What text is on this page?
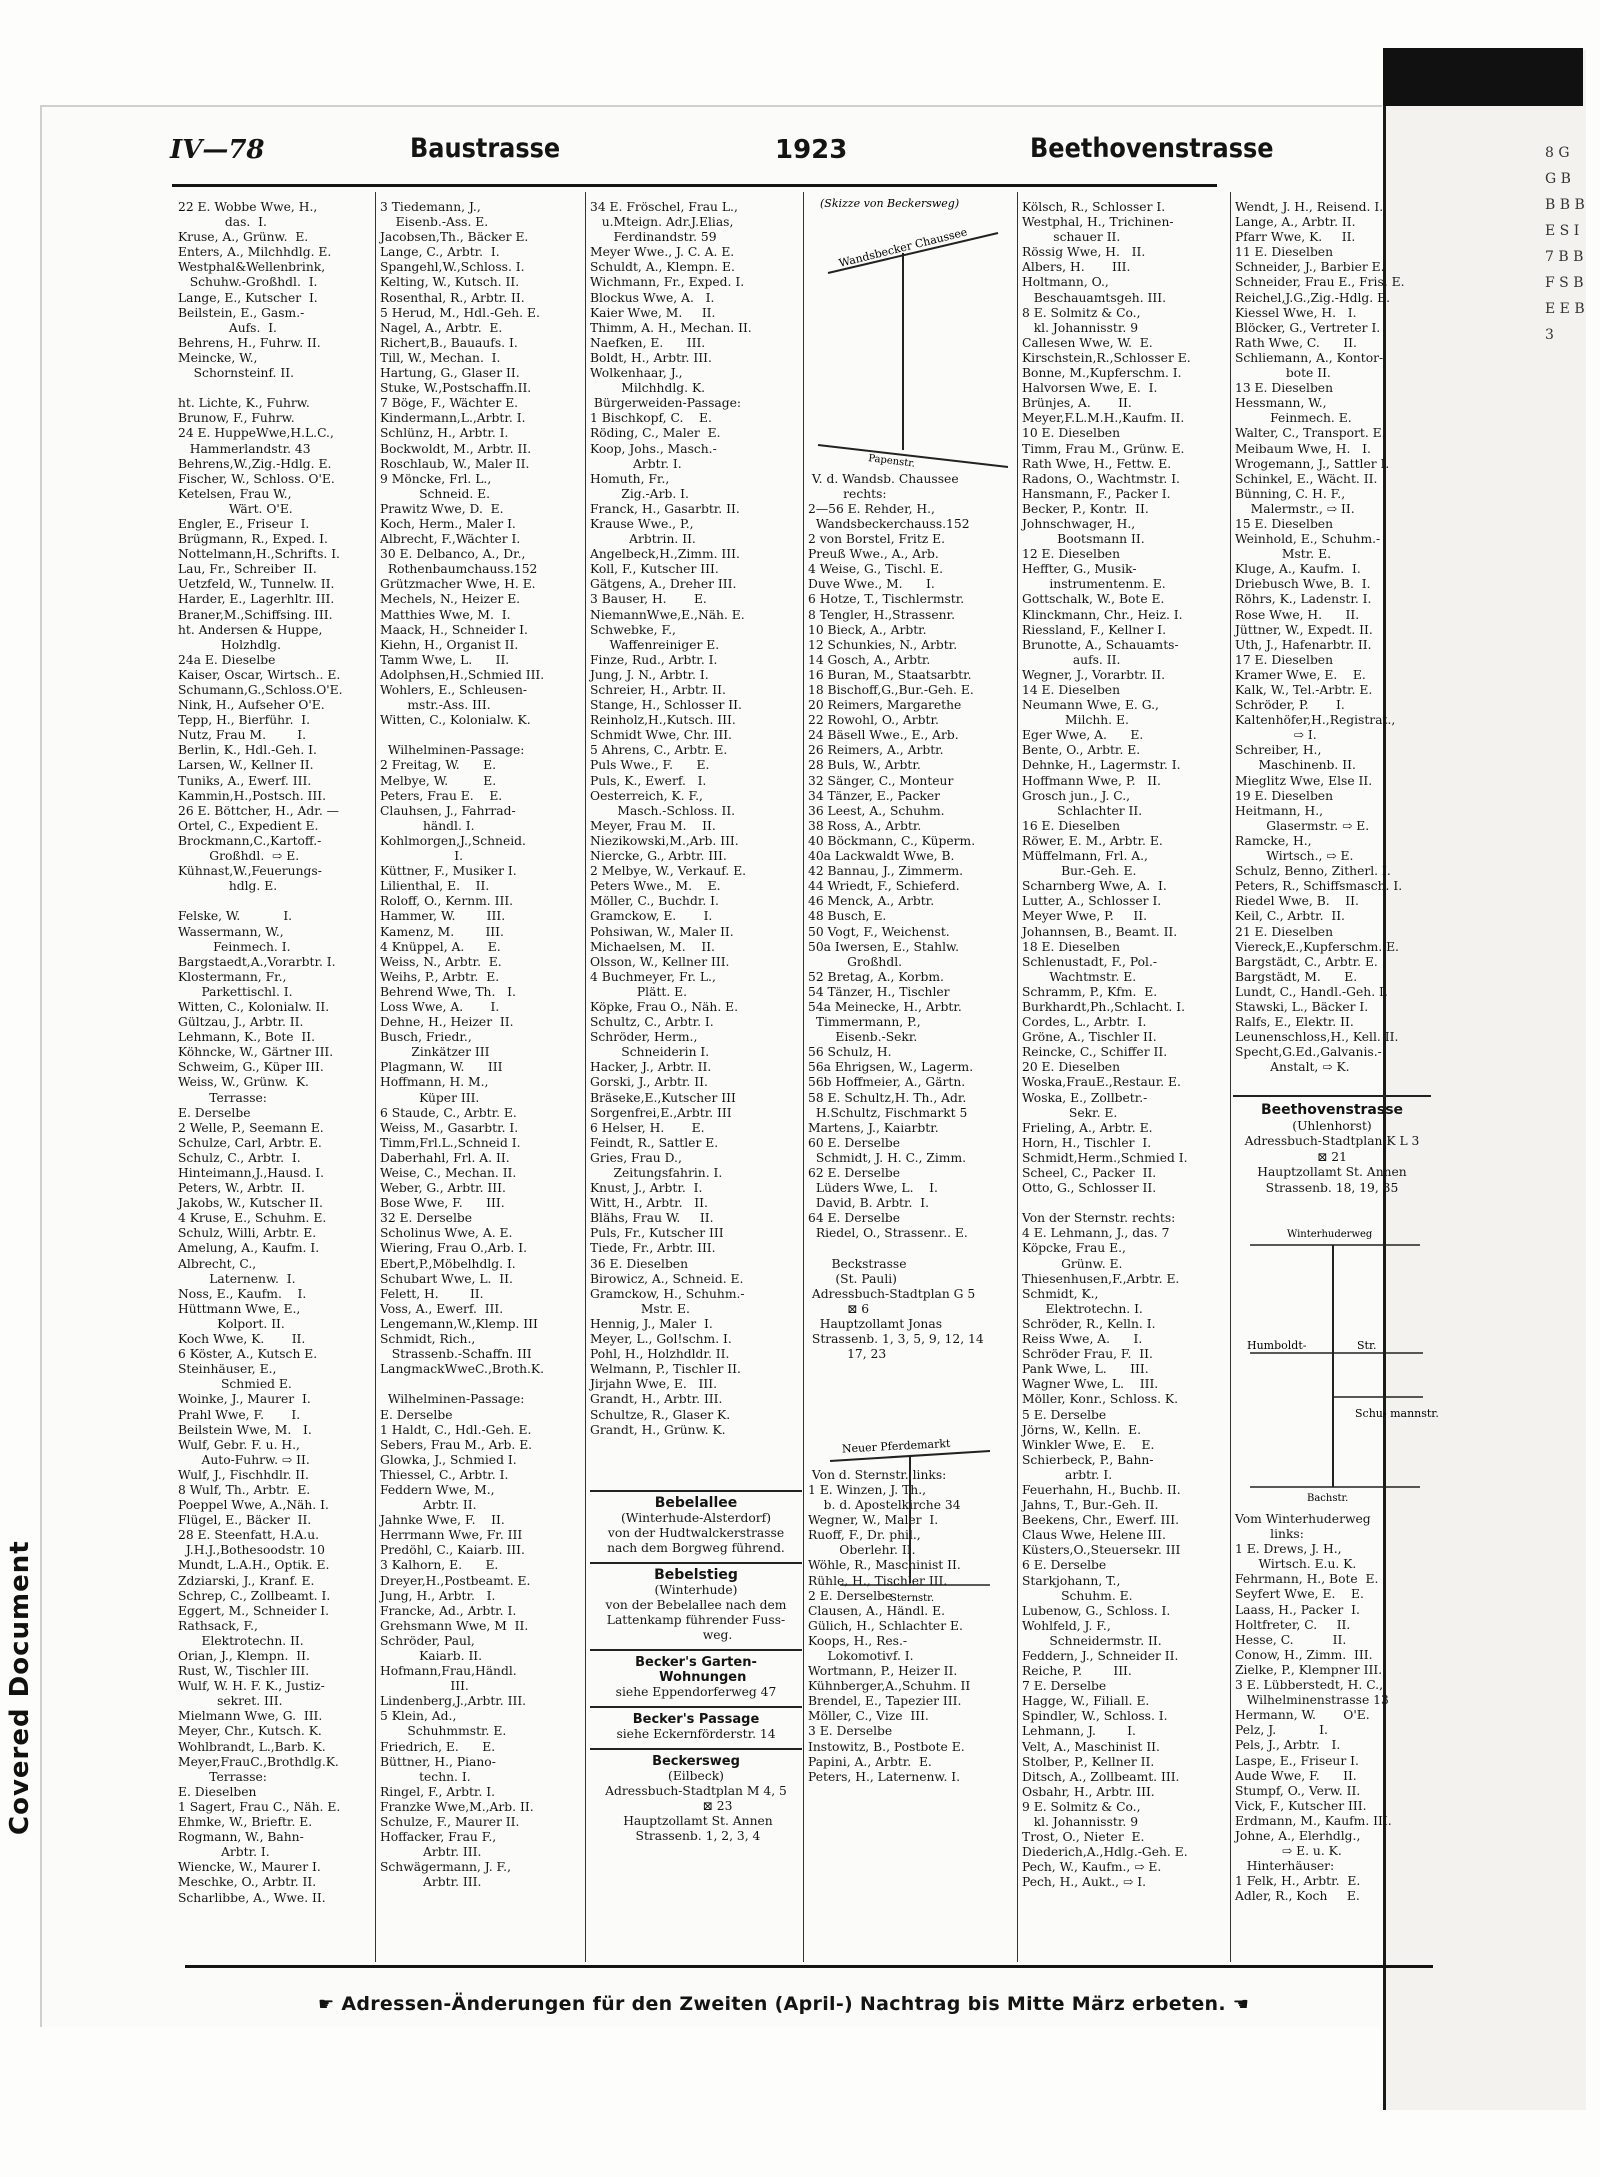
8 G G B B B B E S I 7 B B F S B E E B 3
Covered Document
IV—78	Baustrasse	1923	Beethovenstrasse
22 E. Wobbe Wwe, H.,
das.  I.
Kruse, A., Grünw.  E.
Enters, A., Milchhdlg. E.
Westphal&Wellenbrink,
Schuhw.-Großhdl.  I.
Lange, E., Kutscher  I.
Beilstein, E., Gasm.-
Aufs.  I.
Behrens, H., Fuhrw. II.
Meincke, W.,
Schornsteinf. II.

ht. Lichte, K., Fuhrw.
Brunow, F., Fuhrw.
24 E. HuppeWwe,H.L.C.,
Hammerlandstr. 43
Behrens,W.,Zig.-Hdlg. E.
Fischer, W., Schloss. O'E.
Ketelsen, Frau W.,
Wärt. O'E.
Engler, E., Friseur  I.
Brügmann, R., Exped. I.
Nottelmann,H.,Schrifts. I.
Lau, Fr., Schreiber  II.
Uetzfeld, W., Tunnelw. II.
Harder, E., Lagerhltr. III.
Braner,M.,Schiffsing. III.
ht. Andersen & Huppe,
Holzhdlg.
24a E. Dieselbe
Kaiser, Oscar, Wirtsch.. E.
Schumann,G.,Schloss.O'E.
Nink, H., Aufseher O'E.
Tepp, H., Bierführ.  I.
Nutz, Frau M.        I.
Berlin, K., Hdl.-Geh. I.
Larsen, W., Kellner II.
Tuniks, A., Ewerf. III.
Kammin,H.,Postsch. III.
26 E. Böttcher, H., Adr. —
Ortel, C., Expedient E.
Brockmann,C.,Kartoff.-
Großhdl.  ⇨ E.
Kühnast,W.,Feuerungs-
hdlg. E.

Felske, W.           I.
Wassermann, W.,
Feinmech. I.
Bargstaedt,A.,Vorarbtr. I.
Klostermann, Fr.,
Parkettischl. I.
Witten, C., Kolonialw. II.
Gültzau, J., Arbtr. II.
Lehmann, K., Bote  II.
Köhncke, W., Gärtner III.
Schweim, G., Küper III.
Weiss, W., Grünw.  K.
Terrasse:
E. Derselbe
2 Welle, P., Seemann E.
Schulze, Carl, Arbtr. E.
Schulz, C., Arbtr.  I.
Hinteimann,J.,Hausd. I.
Peters, W., Arbtr.  II.
Jakobs, W., Kutscher II.
4 Kruse, E., Schuhm. E.
Schulz, Willi, Arbtr. E.
Amelung, A., Kaufm. I.
Albrecht, C.,
Laternenw.  I.
Noss, E., Kaufm.    I.
Hüttmann Wwe, E.,
Kolport. II.
Koch Wwe, K.       II.
6 Köster, A., Kutsch E.
Steinhäuser, E.,
Schmied E.
Woinke, J., Maurer  I.
Prahl Wwe, F.       I.
Beilstein Wwe, M.   I.
Wulf, Gebr. F. u. H.,
Auto-Fuhrw. ⇨ II.
Wulf, J., Fischhdlr. II.
8 Wulf, Th., Arbtr.  E.
Poeppel Wwe, A.,Näh. I.
Flügel, E., Bäcker  II.
28 E. Steenfatt, H.A.u.
J.H.J.,Bothesoodstr. 10
Mundt, L.A.H., Optik. E.
Zdziarski, J., Kranf. E.
Schrep, C., Zollbeamt. I.
Eggert, M., Schneider I.
Rathsack, F.,
Elektrotechn. II.
Orian, J., Klempn.  II.
Rust, W., Tischler III.
Wulf, W. H. F. K., Justiz-
sekret. III.
Mielmann Wwe, G.  III.
Meyer, Chr., Kutsch. K.
Wohlbrandt, L.,Barb. K.
Meyer,FrauC.,Brothdlg.K.
Terrasse:
E. Dieselben
1 Sagert, Frau C., Näh. E.
Ehmke, W., Brieftr. E.
Rogmann, W., Bahn-
Arbtr. I.
Wiencke, W., Maurer I.
Meschke, O., Arbtr. II.
Scharlibbe, A., Wwe. II.
3 Tiedemann, J.,
Eisenb.-Ass. E.
Jacobsen,Th., Bäcker E.
Lange, C., Arbtr.  I.
Spangehl,W.,Schloss. I.
Kelting, W., Kutsch. II.
Rosenthal, R., Arbtr. II.
5 Herud, M., Hdl.-Geh. E.
Nagel, A., Arbtr.  E.
Richert,B., Bauaufs. I.
Till, W., Mechan.  I.
Hartung, G., Glaser II.
Stuke, W.,Postschaffn.II.
7 Böge, F., Wächter E.
Kindermann,L.,Arbtr. I.
Schlünz, H., Arbtr. I.
Bockwoldt, M., Arbtr. II.
Roschlaub, W., Maler II.
9 Möncke, Frl. L.,
Schneid. E.
Prawitz Wwe, D.  E.
Koch, Herm., Maler I.
Albrecht, F.,Wächter I.
30 E. Delbanco, A., Dr.,
Rothenbaumchauss.152
Grützmacher Wwe, H. E.
Mechels, N., Heizer E.
Matthies Wwe, M.  I.
Maack, H., Schneider I.
Kiehn, H., Organist II.
Tamm Wwe, L.      II.
Adolphsen,H.,Schmied III.
Wohlers, E., Schleusen-
mstr.-Ass. III.
Witten, C., Kolonialw. K.

Wilhelminen-Passage:
2 Freitag, W.      E.
Melbye, W.         E.
Peters, Frau E.    E.
Clauhsen, J., Fahrrad-
händl. I.
Kohlmorgen,J.,Schneid.
I.
Küttner, F., Musiker I.
Lilienthal, E.    II.
Roloff, O., Kernm. III.
Hammer, W.        III.
Kamenz, M.        III.
4 Knüppel, A.      E.
Weiss, N., Arbtr.  E.
Weihs, P., Arbtr.  E.
Behrend Wwe, Th.   I.
Loss Wwe, A.       I.
Dehne, H., Heizer  II.
Busch, Friedr.,
Zinkätzer III
Plagmann, W.      III
Hoffmann, H. M.,
Küper III.
6 Staude, C., Arbtr. E.
Weiss, M., Gasarbtr. I.
Timm,Frl.L.,Schneid I.
Daberhahl, Frl. A. II.
Weise, C., Mechan. II.
Weber, G., Arbtr. III.
Bose Wwe, F.      III.
32 E. Derselbe
Scholinus Wwe, A. E.
Wiering, Frau O.,Arb. I.
Ebert,P.,Möbelhdlg. I.
Schubart Wwe, L.  II.
Felett, H.        II.
Voss, A., Ewerf.  III.
Lengemann,W.,Klemp. III
Schmidt, Rich.,
Strassenb.-Schaffn. III
LangmackWweC.,Broth.K.

Wilhelminen-Passage:
E. Derselbe
1 Haldt, C., Hdl.-Geh. E.
Sebers, Frau M., Arb. E.
Glowka, J., Schmied I.
Thiessel, C., Arbtr. I.
Feddern Wwe, M.,
Arbtr. II.
Jahnke Wwe, F.    II.
Herrmann Wwe, Fr. III
Predöhl, C., Kaiarb. III.
3 Kalhorn, E.      E.
Dreyer,H.,Postbeamt. E.
Jung, H., Arbtr.   I.
Francke, Ad., Arbtr. I.
Grehsmann Wwe, M  II.
Schröder, Paul,
Kaiarb. II.
Hofmann,Frau,Händl.
III.
Lindenberg,J.,Arbtr. III.
5 Klein, Ad.,
Schuhmmstr. E.
Friedrich, E.      E.
Büttner, H., Piano-
techn. I.
Ringel, F., Arbtr. I.
Franzke Wwe,M.,Arb. II.
Schulze, F., Maurer II.
Hoffacker, Frau F.,
Arbtr. III.
Schwägermann, J. F.,
Arbtr. III.
34 E. Fröschel, Frau L.,
u.Mteign. Adr.J.Elias,
Ferdinandstr. 59
Meyer Wwe., J. C. A. E.
Schuldt, A., Klempn. E.
Wichmann, Fr., Exped. I.
Blockus Wwe, A.   I.
Kaier Wwe, M.     II.
Thimm, A. H., Mechan. II.
Naefken, E.      III.
Boldt, H., Arbtr. III.
Wolkenhaar, J.,
Milchhdlg. K.
Bürgerweiden-Passage:
1 Bischkopf, C.    E.
Röding, C., Maler  E.
Koop, Johs., Masch.-
Arbtr. I.
Homuth, Fr.,
Zig.-Arb. I.
Franck, H., Gasarbtr. II.
Krause Wwe., P.,
Arbtrin. II.
Angelbeck,H.,Zimm. III.
Koll, F., Kutscher III.
Gätgens, A., Dreher III.
3 Bauser, H.       E.
NiemannWwe,E.,Näh. E.
Schwebke, F.,
Waffenreiniger E.
Finze, Rud., Arbtr. I.
Jung, J. N., Arbtr. I.
Schreier, H., Arbtr. II.
Stange, H., Schlosser II.
Reinholz,H.,Kutsch. III.
Schmidt Wwe, Chr. III.
5 Ahrens, C., Arbtr. E.
Puls Wwe., F.      E.
Puls, K., Ewerf.   I.
Oesterreich, K. F.,
Masch.-Schloss. II.
Meyer, Frau M.    II.
Niezikowski,M.,Arb. III.
Niercke, G., Arbtr. III.
2 Melbye, W., Verkauf. E.
Peters Wwe., M.    E.
Möller, C., Buchdr. I.
Gramckow, E.       I.
Pohsiwan, W., Maler II.
Michaelsen, M.    II.
Olsson, W., Kellner III.
4 Buchmeyer, Fr. L.,
Plätt. E.
Köpke, Frau O., Näh. E.
Schultz, C., Arbtr. I.
Schröder, Herm.,
Schneiderin I.
Hacker, J., Arbtr. II.
Gorski, J., Arbtr. II.
Bräseke,E.,Kutscher III
Sorgenfrei,E.,Arbtr. III
6 Helser, H.       E.
Feindt, R., Sattler E.
Gries, Frau D.,
Zeitungsfahrin. I.
Knust, J., Arbtr.  I.
Witt, H., Arbtr.   II.
Blähs, Frau W.     II.
Puls, Fr., Kutscher III
Tiede, Fr., Arbtr. III.
36 E. Dieselben
Birowicz, A., Schneid. E.
Gramckow, H., Schuhm.-
Mstr. E.
Hennig, J., Maler  I.
Meyer, L., Gol!schm. I.
Pohl, H., Holzhdldr. II.
Welmann, P., Tischler II.
Jirjahn Wwe, E.   III.
Grandt, H., Arbtr. III.
Schultze, R., Glaser K.
Grandt, H., Grünw. K.

V. d. Wandsb. Chaussee
rechts:
2—56 E. Rehder, H.,
Wandsbeckerchauss.152
2 von Borstel, Fritz E.
Preuß Wwe., A., Arb.
4 Weise, G., Tischl. E.
Duve Wwe., M.      I.
6 Hotze, T., Tischlermstr.
8 Tengler, H.,Strassenr.
10 Bieck, A., Arbtr.
12 Schunkies, N., Arbtr.
14 Gosch, A., Arbtr.
16 Buran, M., Staatsarbtr.
18 Bischoff,G.,Bur.-Geh. E.
20 Reimers, Margarethe
22 Rowohl, O., Arbtr.
24 Bäsell Wwe., E., Arb.
26 Reimers, A., Arbtr.
28 Buls, W., Arbtr.
32 Sänger, C., Monteur
34 Tänzer, E., Packer
36 Leest, A., Schuhm.
38 Ross, A., Arbtr.
40 Böckmann, C., Küperm.
40a Lackwaldt Wwe, B.
42 Bannau, J., Zimmerm.
44 Wriedt, F., Schieferd.
46 Menck, A., Arbtr.
48 Busch, E.
50 Vogt, F., Weichenst.
50a Iwersen, E., Stahlw.
Großhdl.
52 Bretag, A., Korbm.
54 Tänzer, H., Tischler
54a Meinecke, H., Arbtr.
Timmermann, P.,
Eisenb.-Sekr.
56 Schulz, H.
56a Ehrigsen, W., Lagerm.
56b Hoffmeier, A., Gärtn.
58 E. Schultz,H. Th., Adr.
H.Schultz, Fischmarkt 5
Martens, J., Kaiarbtr.
60 E. Derselbe
Schmidt, J. H. C., Zimm.
62 E. Derselbe
Lüders Wwe, L.    I.
David, B. Arbtr.  I.
64 E. Derselbe
Riedel, O., Strassenr.. E.

Beckstrasse
(St. Pauli)
Adressbuch-Stadtplan G 5
⊠ 6
Hauptzollamt Jonas
Strassenb. 1, 3, 5, 9, 12, 14
17, 23

Von d. Sternstr. links:
1 E. Winzen, J. Th.,
b. d. Apostelkirche 34
Wegner, W., Maler  I.
Ruoff, F., Dr. phil.,
Oberlehr. II.
Wöhle, R., Maschinist II.
Rühle, H., Tischler III.
2 E. Derselbe
Clausen, A., Händl. E.
Gülich, H., Schlachter E.
Koops, H., Res.-
Lokomotivf. I.
Wortmann, P., Heizer II.
Kühnberger,A.,Schuhm. II
Brendel, E., Tapezier III.
Möller, C., Vize  III.
3 E. Derselbe
Instowitz, B., Postbote E.
Papini, A., Arbtr.  E.
Peters, H., Laternenw. I.
Kölsch, R., Schlosser I.
Westphal, H., Trichinen-
schauer II.
Rössig Wwe, H.   II.
Albers, H.       III.
Holtmann, O.,
Beschauamtsgeh. III.
8 E. Solmitz & Co.,
kl. Johannisstr. 9
Callesen Wwe, W.  E.
Kirschstein,R.,Schlosser E.
Bonne, M.,Kupferschm. I.
Halvorsen Wwe, E.  I.
Brünjes, A.       II.
Meyer,F.L.M.H.,Kaufm. II.
10 E. Dieselben
Timm, Frau M., Grünw. E.
Rath Wwe, H., Fettw. E.
Radons, O., Wachtmstr. I.
Hansmann, F., Packer I.
Becker, P., Kontr.  II.
Johnschwager, H.,
Bootsmann II.
12 E. Dieselben
Heffter, G., Musik-
instrumentenm. E.
Gottschalk, W., Bote E.
Klinckmann, Chr., Heiz. I.
Riessland, F., Kellner I.
Brunotte, A., Schauamts-
aufs. II.
Wegner, J., Vorarbtr. II.
14 E. Dieselben
Neumann Wwe, E. G.,
Milchh. E.
Eger Wwe, A.      E.
Bente, O., Arbtr. E.
Dehnke, H., Lagermstr. I.
Hoffmann Wwe, P.   II.
Grosch jun., J. C.,
Schlachter II.
16 E. Dieselben
Röwer, E. M., Arbtr. E.
Müffelmann, Frl. A.,
Bur.-Geh. E.
Scharnberg Wwe, A.  I.
Lutter, A., Schlosser I.
Meyer Wwe, P.     II.
Johannsen, B., Beamt. II.
18 E. Dieselben
Schlenustadt, F., Pol.-
Wachtmstr. E.
Schramm, P., Kfm.  E.
Burkhardt,Ph.,Schlacht. I.
Cordes, L., Arbtr.  I.
Gröne, A., Tischler II.
Reincke, C., Schiffer II.
20 E. Dieselben
Woska,FrauE.,Restaur. E.
Woska, E., Zollbetr.-
Sekr. E.
Frieling, A., Arbtr. E.
Horn, H., Tischler  I.
Schmidt,Herm.,Schmied I.
Scheel, C., Packer  II.
Otto, G., Schlosser II.

Von der Sternstr. rechts:
4 E. Lehmann, J., das. 7
Köpcke, Frau E.,
Grünw. E.
Thiesenhusen,F.,Arbtr. E.
Schmidt, K.,
Elektrotechn. I.
Schröder, R., Kelln. I.
Reiss Wwe, A.      I.
Schröder Frau, F.  II.
Pank Wwe, L.      III.
Wagner Wwe, L.    III.
Möller, Konr., Schloss. K.
5 E. Derselbe
Jörns, W., Kelln.  E.
Winkler Wwe, E.    E.
Schierbeck, P., Bahn-
arbtr. I.
Feuerhahn, H., Buchb. II.
Jahns, T., Bur.-Geh. II.
Beekens, Chr., Ewerf. III.
Claus Wwe, Helene III.
Küsters,O.,Steuersekr. III
6 E. Derselbe
Starkjohann, T.,
Schuhm. E.
Lubenow, G., Schloss. I.
Wohlfeld, J. F.,
Schneidermstr. II.
Feddern, J., Schneider II.
Reiche, P.        III.
7 E. Derselbe
Hagge, W., Filiall. E.
Spindler, W., Schloss. I.
Lehmann, J.        I.
Velt, A., Maschinist II.
Stolber, P., Kellner II.
Ditsch, A., Zollbeamt. III.
Osbahr, H., Arbtr. III.
9 E. Solmitz & Co.,
kl. Johannisstr. 9
Trost, O., Nieter  E.
Diederich,A.,Hdlg.-Geh. E.
Pech, W., Kaufm., ⇨ E.
Pech, H., Aukt., ⇨ I.
Wendt, J. H., Reisend. I.
Lange, A., Arbtr. II.
Pfarr Wwe, K.     II.
11 E. Dieselben
Schneider, J., Barbier E.
Schneider, Frau E., Fris. E.
Reichel,J.G.,Zig.-Hdlg. E.
Kiessel Wwe, H.   I.
Blöcker, G., Vertreter I.
Rath Wwe, C.      II.
Schliemann, A., Kontor-
bote II.
13 E. Dieselben
Hessmann, W.,
Feinmech. E.
Walter, C., Transport. E.
Meibaum Wwe, H.   I.
Wrogemann, J., Sattler I.
Schinkel, E., Wächt. II.
Bünning, C. H. F.,
Malermstr., ⇨ II.
15 E. Dieselben
Weinhold, E., Schuhm.-
Mstr. E.
Kluge, A., Kaufm.  I.
Driebusch Wwe, B.  I.
Röhrs, K., Ladenstr. I.
Rose Wwe, H.      II.
Jüttner, W., Expedt. II.
Uth, J., Hafenarbtr. II.
17 E. Dieselben
Kramer Wwe, E.    E.
Kalk, W., Tel.-Arbtr. E.
Schröder, P.       I.
Kaltenhöfer,H.,Registrat.,
⇨ I.
Schreiber, H.,
Maschinenb. II.
Mieglitz Wwe, Else II.
19 E. Dieselben
Heitmann, H.,
Glasermstr. ⇨ E.
Ramcke, H.,
Wirtsch., ⇨ E.
Schulz, Benno, Zitherl. I.
Peters, R., Schiffsmasch. I.
Riedel Wwe, B.    II.
Keil, C., Arbtr.  II.
21 E. Dieselben
Viereck,E.,Kupferschm. E.
Bargstädt, C., Arbtr. E.
Bargstädt, M.      E.
Lundt, C., Handl.-Geh. I.
Stawski, L., Bäcker I.
Ralfs, E., Elektr. II.
Leunenschloss,H., Kell. II.
Specht,G.Ed.,Galvanis.-
Anstalt, ⇨ K.
(Skizze von Beckersweg)
Wandsbecker Chaussee
Papenstr.
Neuer Pferdemarkt
Sternstr.
Bebelallee
(Winterhude-Alsterdorf)
von der Hudtwalckerstrasse
nach dem Borgweg führend.
Bebelstieg
(Winterhude)
von der Bebelallee nach dem
Lattenkamp führender Fuss-
weg.
Becker's Garten-
Wohnungen
siehe Eppendorferweg 47
Becker's Passage
siehe Eckernförderstr. 14
Beckersweg
(Eilbeck)
Adressbuch-Stadtplan M 4, 5
⊠ 23
Hauptzollamt St. Annen
Strassenb. 1, 2, 3, 4
Beethovenstrasse
(Uhlenhorst)
Adressbuch-Stadtplan K L 3
⊠ 21
Hauptzollamt St. Annen
Strassenb. 18, 19, 35
Winterhuderweg
Humboldt-	Str.
Schu- mannstr.
Bachstr.
Vom Winterhuderweg
links:
1 E. Drews, J. H.,
Wirtsch. E.u. K.
Fehrmann, H., Bote  E.
Seyfert Wwe, E.    E.
Laass, H., Packer  I.
Holtfreter, C.     II.
Hesse, C.          II.
Conow, H., Zimm.  III.
Zielke, P., Klempner III.
3 E. Lübberstedt, H. C.,
Wilhelminenstrasse 13
Hermann, W.       O'E.
Pelz, J.           I.
Pels, J., Arbtr.   I.
Laspe, E., Friseur I.
Aude Wwe, F.      II.
Stumpf, O., Verw. II.
Vick, F., Kutscher III.
Erdmann, M., Kaufm. III.
Johne, A., Elerhdlg.,
⇨ E. u. K.
Hinterhäuser:
1 Felk, H., Arbtr.  E.
Adler, R., Koch     E.
☛ Adressen-Änderungen für den Zweiten (April-) Nachtrag bis Mitte März erbeten. ☚
